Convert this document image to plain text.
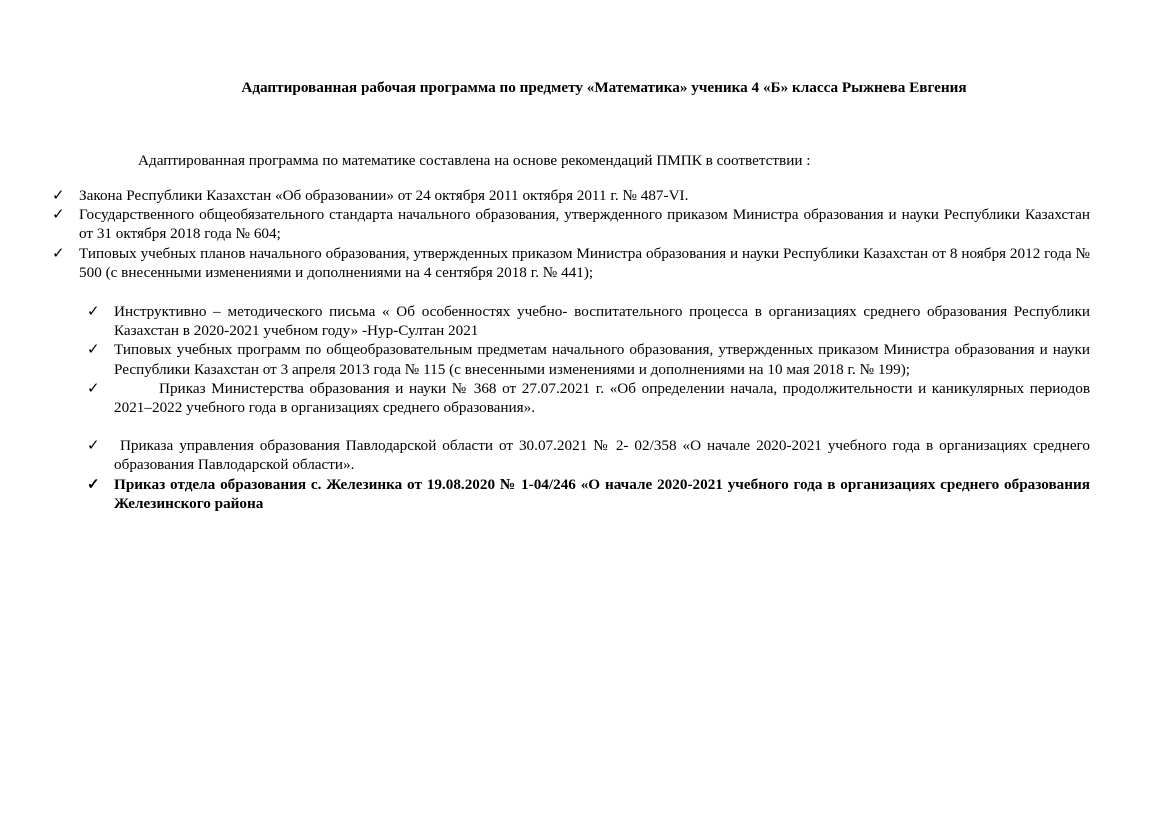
Адаптированная рабочая программа по предмету «Математика» ученика 4 «Б» класса Рыжнева Евгения
Адаптированная программа по математике составлена на основе рекомендаций ПМПК в соответствии :
✓ Закона Республики Казахстан «Об образовании» от 24 октября 2011 октября 2011 г. № 487-VI.
✓ Государственного общеобязательного стандарта начального образования, утвержденного приказом Министра образования и науки Республики Казахстан от 31 октября 2018 года № 604;
✓ Типовых учебных планов начального образования, утвержденных приказом Министра образования и науки Республики Казахстан от 8 ноября 2012 года № 500 (с внесенными изменениями и дополнениями на 4 сентября 2018 г. № 441);
✓ Инструктивно – методического письма « Об особенностях учебно- воспитательного процесса в организациях среднего образования Республики Казахстан в 2020-2021 учебном году» -Нур-Султан 2021
✓ Типовых учебных программ по общеобразовательным предметам начального образования, утвержденных приказом Министра образования и науки Республики Казахстан от 3 апреля 2013 года № 115 (с внесенными изменениями и дополнениями на 10 мая 2018 г. № 199);
✓	Приказ Министерства образования и науки № 368 от 27.07.2021 г. «Об определении начала, продолжительности и каникулярных периодов 2021–2022 учебного года в организациях среднего образования».
✓ Приказа управления образования Павлодарской области от 30.07.2021 № 2- 02/358 «О начале 2020-2021 учебного года в организациях среднего образования Павлодарской области».
✓ Приказ отдела образования с. Железинка от 19.08.2020 № 1-04/246 «О начале 2020-2021 учебного года в организациях среднего образования Железинского района
